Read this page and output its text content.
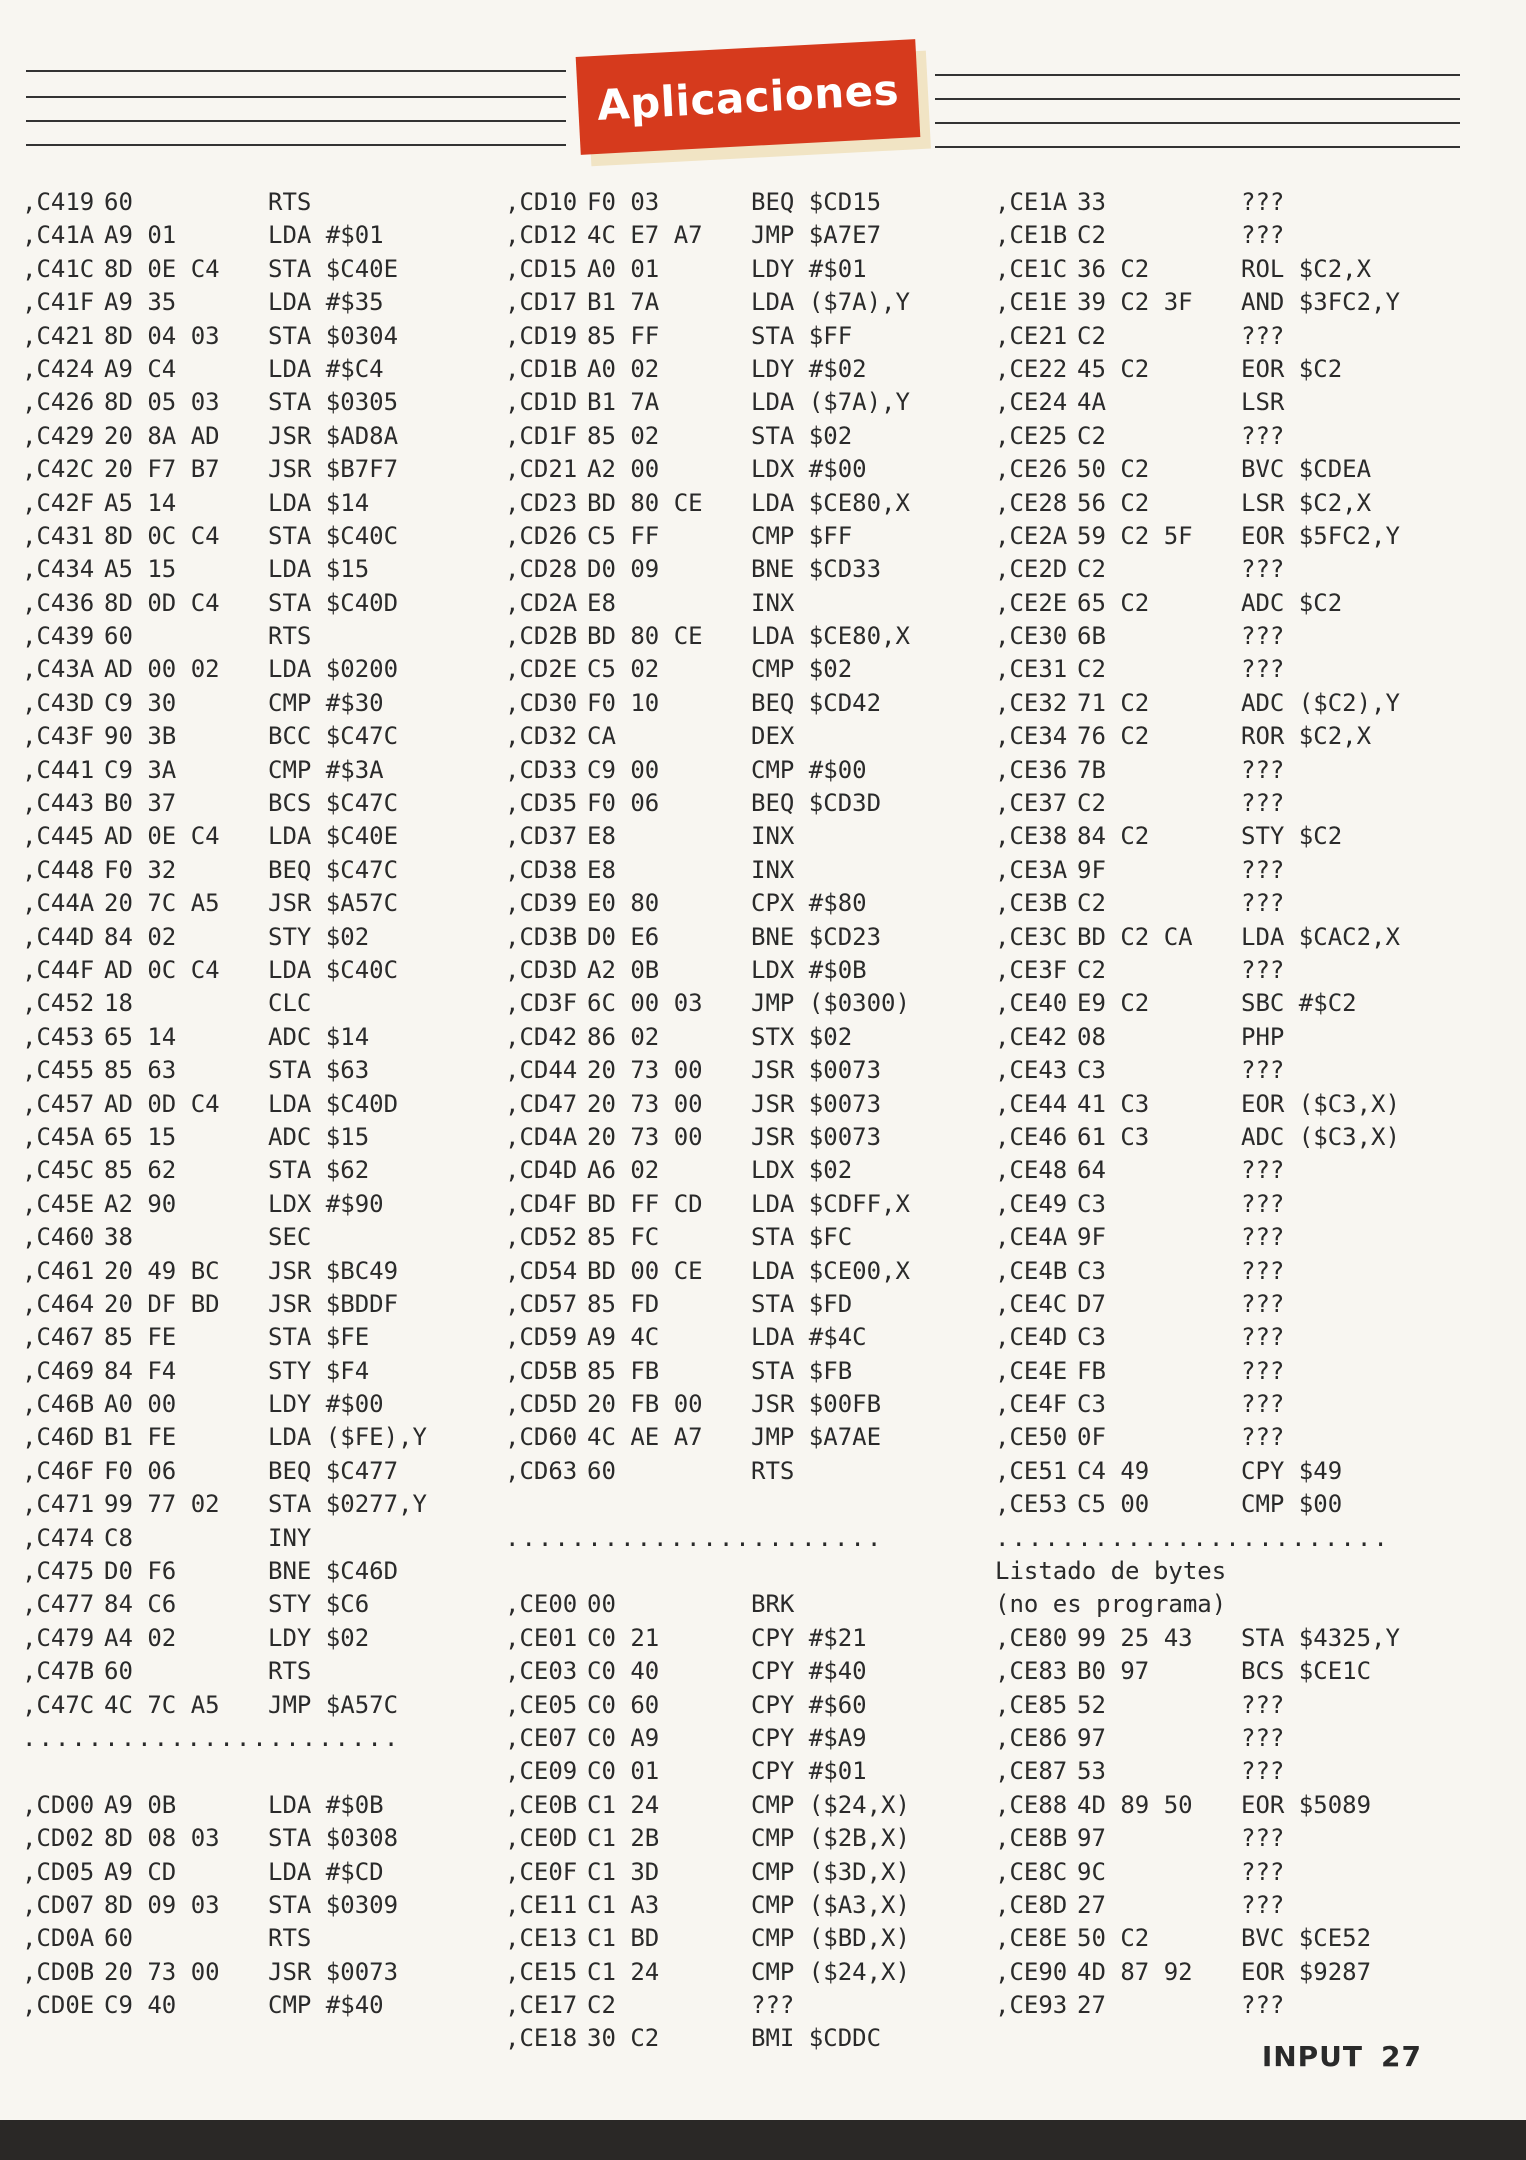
Aplicaciones
,C419 60	RTS
,C41A A9 01	LDA #$01
,C41C 8D 0E C4 STA $C40E
,C41F A9 35	LDA #$35
,C421 8D 04 03 STA $0304
,C424 A9 C4	LDA #$C4
,C426 8D 05 03 STA $0305
,C429 20 8A AD JSR $AD8A
,C42C 20 F7 B7 JSR $B7F7
,C42F A5 14	LDA $14
,C431 8D 0C C4 STA $C40C
,C434 A5 15	LDA $15
,C436 8D 0D C4 STA $C40D
,C439 60	RTS
,C43A AD 00 02 LDA $0200
,C43D C9 30	CMP #$30
,C43F 90 3B	BCC $C47C
,C441 C9 3A	CMP #$3A
,C443 B0 37	BCS $C47C
,C445 AD 0E C4 LDA $C40E
,C448 F0 32	BEQ $C47C
,C44A 20 7C A5 JSR $A57C
,C44D 84 02	STY $02
,C44F AD 0C C4 LDA $C40C
,C452 18	CLC
,C453 65 14	ADC $14
,C455 85 63	STA $63
,C457 AD 0D C4 LDA $C40D
,C45A 65 15	ADC $15
,C45C 85 62	STA $62
,C45E A2 90	LDX #$90
,C460 38	SEC
,C461 20 49 BC JSR $BC49
,C464 20 DF BD JSR $BDDF
,C467 85 FE	STA $FE
,C469 84 F4	STY $F4
,C46B A0 00	LDY #$00
,C46D B1 FE	LDA ($FE),Y
,C46F F0 06	BEQ $C477
,C471 99 77 02 STA $0277,Y
,C474 C8	INY
,C475 D0 F6	BNE $C46D
,C477 84 C6	STY $C6
,C479 A4 02	LDY $02
,C47B 60	RTS
,C47C 4C 7C A5 JMP $A57C
.......................
,CD00 A9 0B	LDA #$0B
,CD02 8D 08 03 STA $0308
,CD05 A9 CD	LDA #$CD
,CD07 8D 09 03 STA $0309
,CD0A 60	RTS
,CD0B 20 73 00 JSR $0073
,CD0E C9 40	CMP #$40
,CD10 F0 03	BEQ $CD15
,CD12 4C E7 A7 JMP $A7E7
,CD15 A0 01	LDY #$01
,CD17 B1 7A	LDA ($7A),Y
,CD19 85 FF	STA $FF
,CD1B A0 02	LDY #$02
,CD1D B1 7A	LDA ($7A),Y
,CD1F 85 02	STA $02
,CD21 A2 00	LDX #$00
,CD23 BD 80 CE LDA $CE80,X
,CD26 C5 FF	CMP $FF
,CD28 D0 09	BNE $CD33
,CD2A E8	INX
,CD2B BD 80 CE LDA $CE80,X
,CD2E C5 02	CMP $02
,CD30 F0 10	BEQ $CD42
,CD32 CA	DEX
,CD33 C9 00	CMP #$00
,CD35 F0 06	BEQ $CD3D
,CD37 E8	INX
,CD38 E8	INX
,CD39 E0 80	CPX #$80
,CD3B D0 E6	BNE $CD23
,CD3D A2 0B	LDX #$0B
,CD3F 6C 00 03 JMP ($0300)
,CD42 86 02	STX $02
,CD44 20 73 00 JSR $0073
,CD47 20 73 00 JSR $0073
,CD4A 20 73 00 JSR $0073
,CD4D A6 02	LDX $02
,CD4F BD FF CD LDA $CDFF,X
,CD52 85 FC	STA $FC
,CD54 BD 00 CE LDA $CE00,X
,CD57 85 FD	STA $FD
,CD59 A9 4C	LDA #$4C
,CD5B 85 FB	STA $FB
,CD5D 20 FB 00 JSR $00FB
,CD60 4C AE A7 JMP $A7AE
,CD63 60	RTS
.......................
,CE00 00	BRK
,CE01 C0 21	CPY #$21
,CE03 C0 40	CPY #$40
,CE05 C0 60	CPY #$60
,CE07 C0 A9	CPY #$A9
,CE09 C0 01	CPY #$01
,CE0B C1 24	CMP ($24,X)
,CE0D C1 2B	CMP ($2B,X)
,CE0F C1 3D	CMP ($3D,X)
,CE11 C1 A3	CMP ($A3,X)
,CE13 C1 BD	CMP ($BD,X)
,CE15 C1 24	CMP ($24,X)
,CE17 C2	???
,CE18 30 C2	BMI $CDDC
,CE1A 33	???
,CE1B C2	???
,CE1C 36 C2	ROL $C2,X
,CE1E 39 C2 3F AND $3FC2,Y
,CE21 C2	???
,CE22 45 C2	EOR $C2
,CE24 4A	LSR
,CE25 C2	???
,CE26 50 C2	BVC $CDEA
,CE28 56 C2	LSR $C2,X
,CE2A 59 C2 5F EOR $5FC2,Y
,CE2D C2	???
,CE2E 65 C2	ADC $C2
,CE30 6B	???
,CE31 C2	???
,CE32 71 C2	ADC ($C2),Y
,CE34 76 C2	ROR $C2,X
,CE36 7B	???
,CE37 C2	???
,CE38 84 C2	STY $C2
,CE3A 9F	???
,CE3B C2	???
,CE3C BD C2 CA LDA $CAC2,X
,CE3F C2	???
,CE40 E9 C2	SBC #$C2
,CE42 08	PHP
,CE43 C3	???
,CE44 41 C3	EOR ($C3,X)
,CE46 61 C3	ADC ($C3,X)
,CE48 64	???
,CE49 C3	???
,CE4A 9F	???
,CE4B C3	???
,CE4C D7	???
,CE4D C3	???
,CE4E FB	???
,CE4F C3	???
,CE50 0F	???
,CE51 C4 49	CPY $49
,CE53 C5 00	CMP $00
........................
Listado de bytes
(no es programa)
,CE80 99 25 43 STA $4325,Y
,CE83 B0 97	BCS $CE1C
,CE85 52	???
,CE86 97	???
,CE87 53	???
,CE88 4D 89 50 EOR $5089
,CE8B 97	???
,CE8C 9C	???
,CE8D 27	???
,CE8E 50 C2	BVC $CE52
,CE90 4D 87 92 EOR $9287
,CE93 27	???
INPUT 27
